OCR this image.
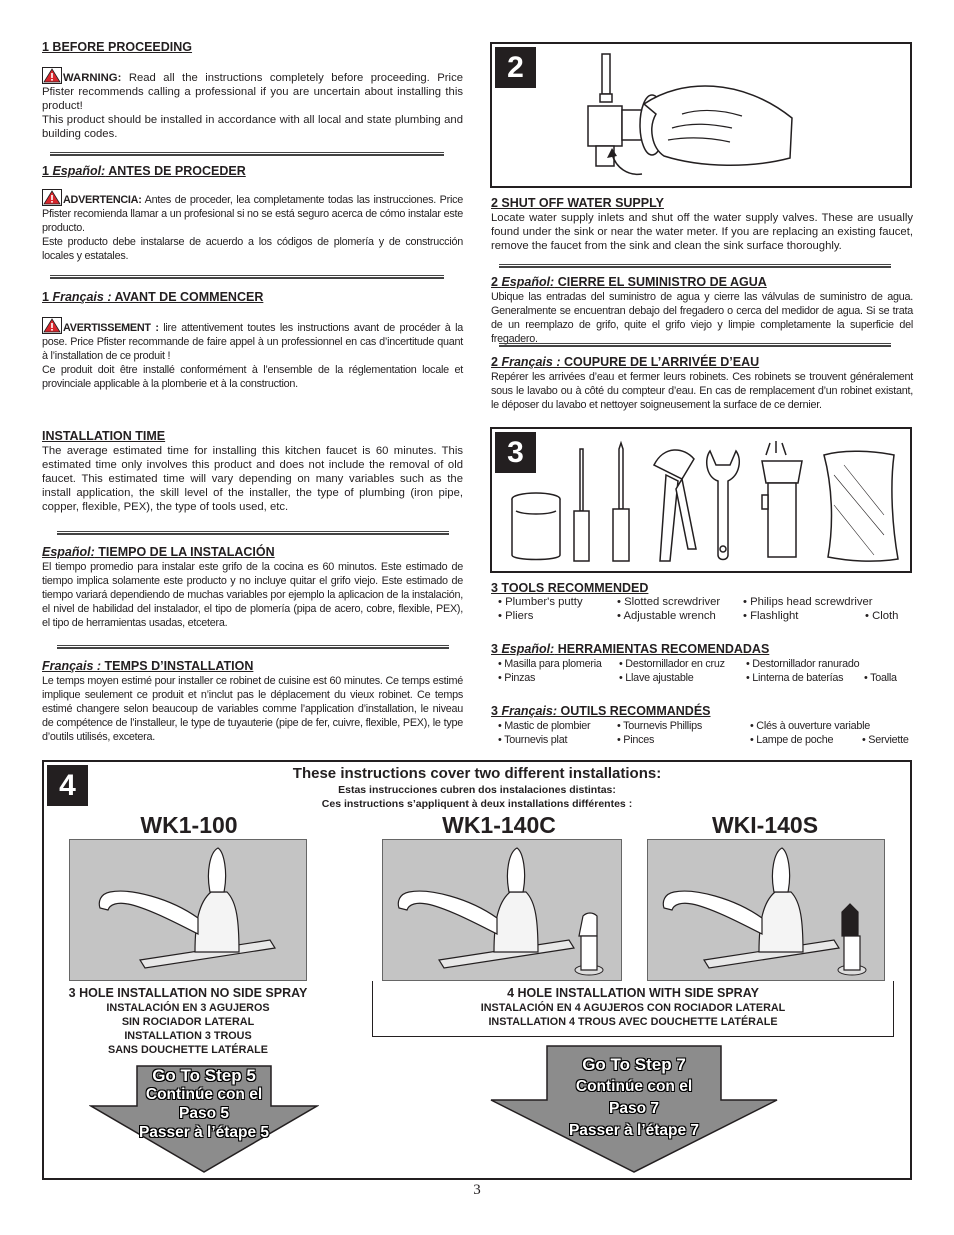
1 BEFORE PROCEEDING
WARNING: Read all the instructions completely before proceeding. Price Pfister recommends calling a professional if you are uncertain about installing this product!
This product should be installed in accordance with all local and state plumbing and building codes.
1 Español: ANTES DE PROCEDER
ADVERTENCIA: Antes de proceder, lea completamente todas las instrucciones. Price Pfister recomienda llamar a un profesional si no se está seguro acerca de cómo instalar este producto.
Este producto debe instalarse de acuerdo a los códigos de plomería y de construcción locales y estatales.
1 Français : AVANT DE COMMENCER
AVERTISSEMENT : lire attentivement toutes les instructions avant de procéder à la pose. Price Pfister recommande de faire appel à un professionnel en cas d’incertitude quant à l’installation de ce produit !
Ce produit doit être installé conformément à l’ensemble de la réglementation locale et provinciale applicable à la plomberie et à la construction.
INSTALLATION TIME
The average estimated time for installing this kitchen faucet is 60 minutes. This estimated time only involves this product and does not include the removal of old faucet. This estimated time will vary depending on many variables such as the install application, the skill level of the installer, the type of plumbing (iron pipe, copper, flexible, PEX), the type of tools used, etc.
Español: TIEMPO DE LA INSTALACIÓN
El tiempo promedio para instalar este grifo de la cocina es 60 minutos. Este estimado de tiempo implica solamente este producto y no incluye quitar el grifo viejo. Este estimado de tiempo variará dependiendo de muchas variables por ejemplo la aplicacion de la instalación, el nivel de habilidad del instalador, el tipo de plomería (pipa de acero, cobre, flexible, PEX), el tipo de herramientas usadas, etcetera.
Français : TEMPS D’INSTALLATION
Le temps moyen estimé pour installer ce robinet de cuisine est 60 minutes. Ce temps estimé implique seulement ce produit et n’inclut pas le déplacement du vieux robinet. Ce temps estimé changere selon beaucoup de variables comme l’application d’installation, le niveau de compétence de l’installeur, le type de tuyauterie (pipe de fer, cuivre, flexible, PEX), le type d’outils utilisés, excetera.
2
2 SHUT OFF WATER SUPPLY
Locate water supply inlets and shut off the water supply valves. These are usually found under the sink or near the water meter. If you are replacing an existing faucet, remove the faucet from the sink and clean the sink surface thoroughly.
2 Español: CIERRE EL SUMINISTRO DE AGUA
Ubique las entradas del suministro de agua y cierre las válvulas de suministro de agua. Generalmente se encuentran debajo del fregadero o cerca del medidor de agua. Si se trata de un reemplazo de grifo, quite el grifo viejo y limpie completamente la superficie del fregadero.
2 Français : COUPURE DE L’ARRIVÉE D’EAU
Repérer les arrivées d’eau et fermer leurs robinets. Ces robinets se trouvent généralement sous le lavabo ou à côté du compteur d’eau. En cas de remplacement d’un robinet existant, le déposer du lavabo et nettoyer soigneusement la surface de ce dernier.
3
3 TOOLS RECOMMENDED
• Plumber's putty	• Slotted screwdriver • Philips head screwdriver
• Pliers	• Adjustable wrench • Flashlight	• Cloth
3 Español: HERRAMIENTAS RECOMENDADAS
• Masilla para plomeria • Destornillador en cruz • Destornillador ranurado
• Pinzas	• Llave ajustable	• Linterna de baterías • Toalla
3 Français: OUTILS RECOMMANDÉS
• Mastic de plombier • Tournevis Phillips	• Clés à ouverture variable
• Tournevis plat	• Pinces	• Lampe de poche	• Serviette
4	These instructions cover two different installations:
Estas instrucciones cubren dos instalaciones distintas:
Ces instructions s’appliquent à deux installations différentes :
WK1-100	WK1-140C	WKI-140S
3 HOLE INSTALLATION NO SIDE SPRAY
INSTALACIÓN EN 3 AGUJEROS
SIN ROCIADOR LATERAL
INSTALLATION 3 TROUS
SANS DOUCHETTE LATÉRALE
4 HOLE INSTALLATION WITH SIDE SPRAY
INSTALACIÓN EN 4 AGUJEROS CON ROCIADOR LATERAL
INSTALLATION 4 TROUS AVEC DOUCHETTE LATÉRALE
Go To Step 5
Continúe con el
Paso 5
Passer à l’étape 5
Go To Step 7
Continúe con el
Paso 7
Passer à l’étape 7
3
